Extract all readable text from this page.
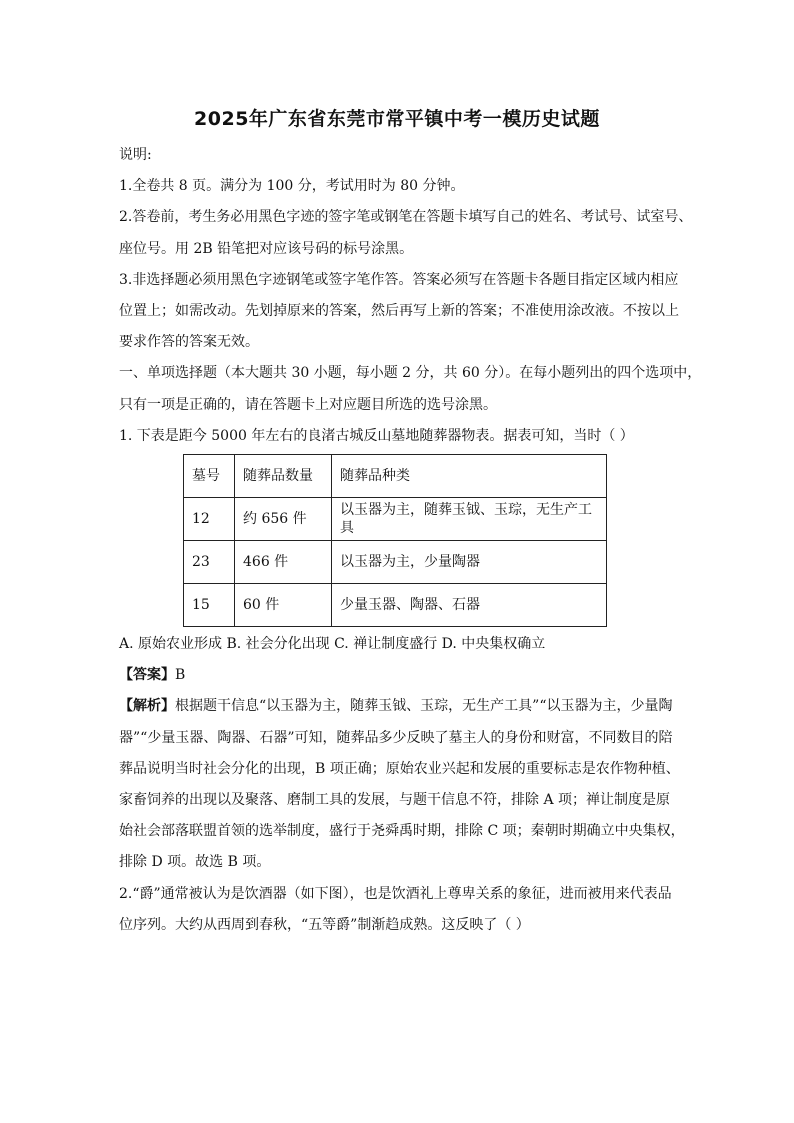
2025年广东省东莞市常平镇中考一模历史试题

说明:

1.全卷共 8 页。满分为 100 分，考试用时为 80 分钟。

2.答卷前，考生务必用黑色字迹的签字笔或钢笔在答题卡填写自己的姓名、考试号、试室号、

座位号。用 2B 铅笔把对应该号码的标号涂黑。

3.非选择题必须用黑色字迹钢笔或签字笔作答。答案必须写在答题卡各题目指定区域内相应

位置上；如需改动。先划掉原来的答案，然后再写上新的答案；不准使用涂改液。不按以上

要求作答的答案无效。

一、单项选择题（本大题共 30 小题，每小题 2 分，共 60 分）。在每小题列出的四个选项中，

只有一项是正确的，请在答题卡上对应题目所选的选号涂黑。

1. 下表是距今 5000 年左右的良渚古城反山墓地随葬器物表。据表可知，当时（ ）

墓号	随葬品数量	随葬品种类
12	约 656 件	以玉器为主，随葬玉钺、玉琮，无生产工具
23	466 件	以玉器为主，少量陶器
15	60 件	少量玉器、陶器、石器

A. 原始农业形成 B. 社会分化出现 C. 禅让制度盛行 D. 中央集权确立

【答案】B

【解析】根据题干信息“以玉器为主，随葬玉钺、玉琮，无生产工具”“以玉器为主，少量陶

器”“少量玉器、陶器、石器”可知，随葬品多少反映了墓主人的身份和财富，不同数目的陪

葬品说明当时社会分化的出现，B 项正确；原始农业兴起和发展的重要标志是农作物种植、

家畜饲养的出现以及聚落、磨制工具的发展，与题干信息不符，排除 A 项；禅让制度是原

始社会部落联盟首领的选举制度，盛行于尧舜禹时期，排除 C 项；秦朝时期确立中央集权，

排除 D 项。故选 B 项。

2.“爵”通常被认为是饮酒器（如下图），也是饮酒礼上尊卑关系的象征，进而被用来代表品

位序列。大约从西周到春秋，“五等爵”制渐趋成熟。这反映了（ ）
